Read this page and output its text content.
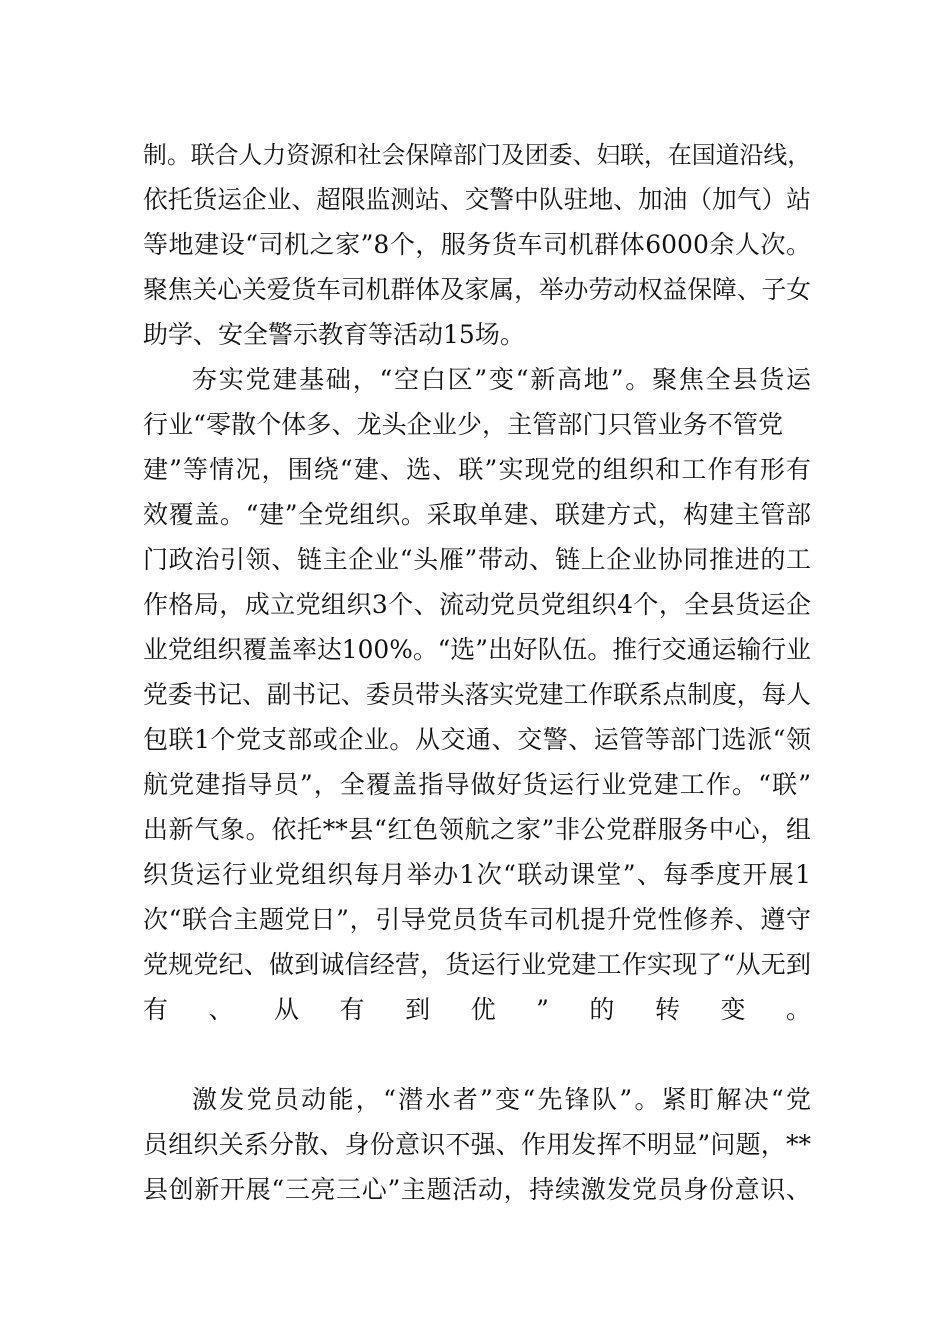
制。联合人力资源和社会保障部门及团委、妇联，在国道沿线，
依托货运企业、超限监测站、交警中队驻地、加油（加气）站
等地建设“司机之家”8个，服务货车司机群体6000余人次。
聚焦关心关爱货车司机群体及家属，举办劳动权益保障、子女
助学、安全警示教育等活动15场。
夯实党建基础，“空白区”变“新高地”。聚焦全县货运
行业“零散个体多、龙头企业少，主管部门只管业务不管党
建”等情况，围绕“建、选、联”实现党的组织和工作有形有
效覆盖。“建”全党组织。采取单建、联建方式，构建主管部
门政治引领、链主企业“头雁”带动、链上企业协同推进的工
作格局，成立党组织3个、流动党员党组织4个，全县货运企
业党组织覆盖率达100%。“选”出好队伍。推行交通运输行业
党委书记、副书记、委员带头落实党建工作联系点制度，每人
包联1个党支部或企业。从交通、交警、运管等部门选派“领
航党建指导员”，全覆盖指导做好货运行业党建工作。“联”
出新气象。依托**县“红色领航之家”非公党群服务中心，组
织货运行业党组织每月举办1次“联动课堂”、每季度开展1
次“联合主题党日”，引导党员货车司机提升党性修养、遵守
党规党纪、做到诚信经营，货运行业党建工作实现了“从无到
有、从有到优”的转变。
激发党员动能，“潜水者”变“先锋队”。紧盯解决“党
员组织关系分散、身份意识不强、作用发挥不明显”问题，**
县创新开展“三亮三心”主题活动，持续激发党员身份意识、
